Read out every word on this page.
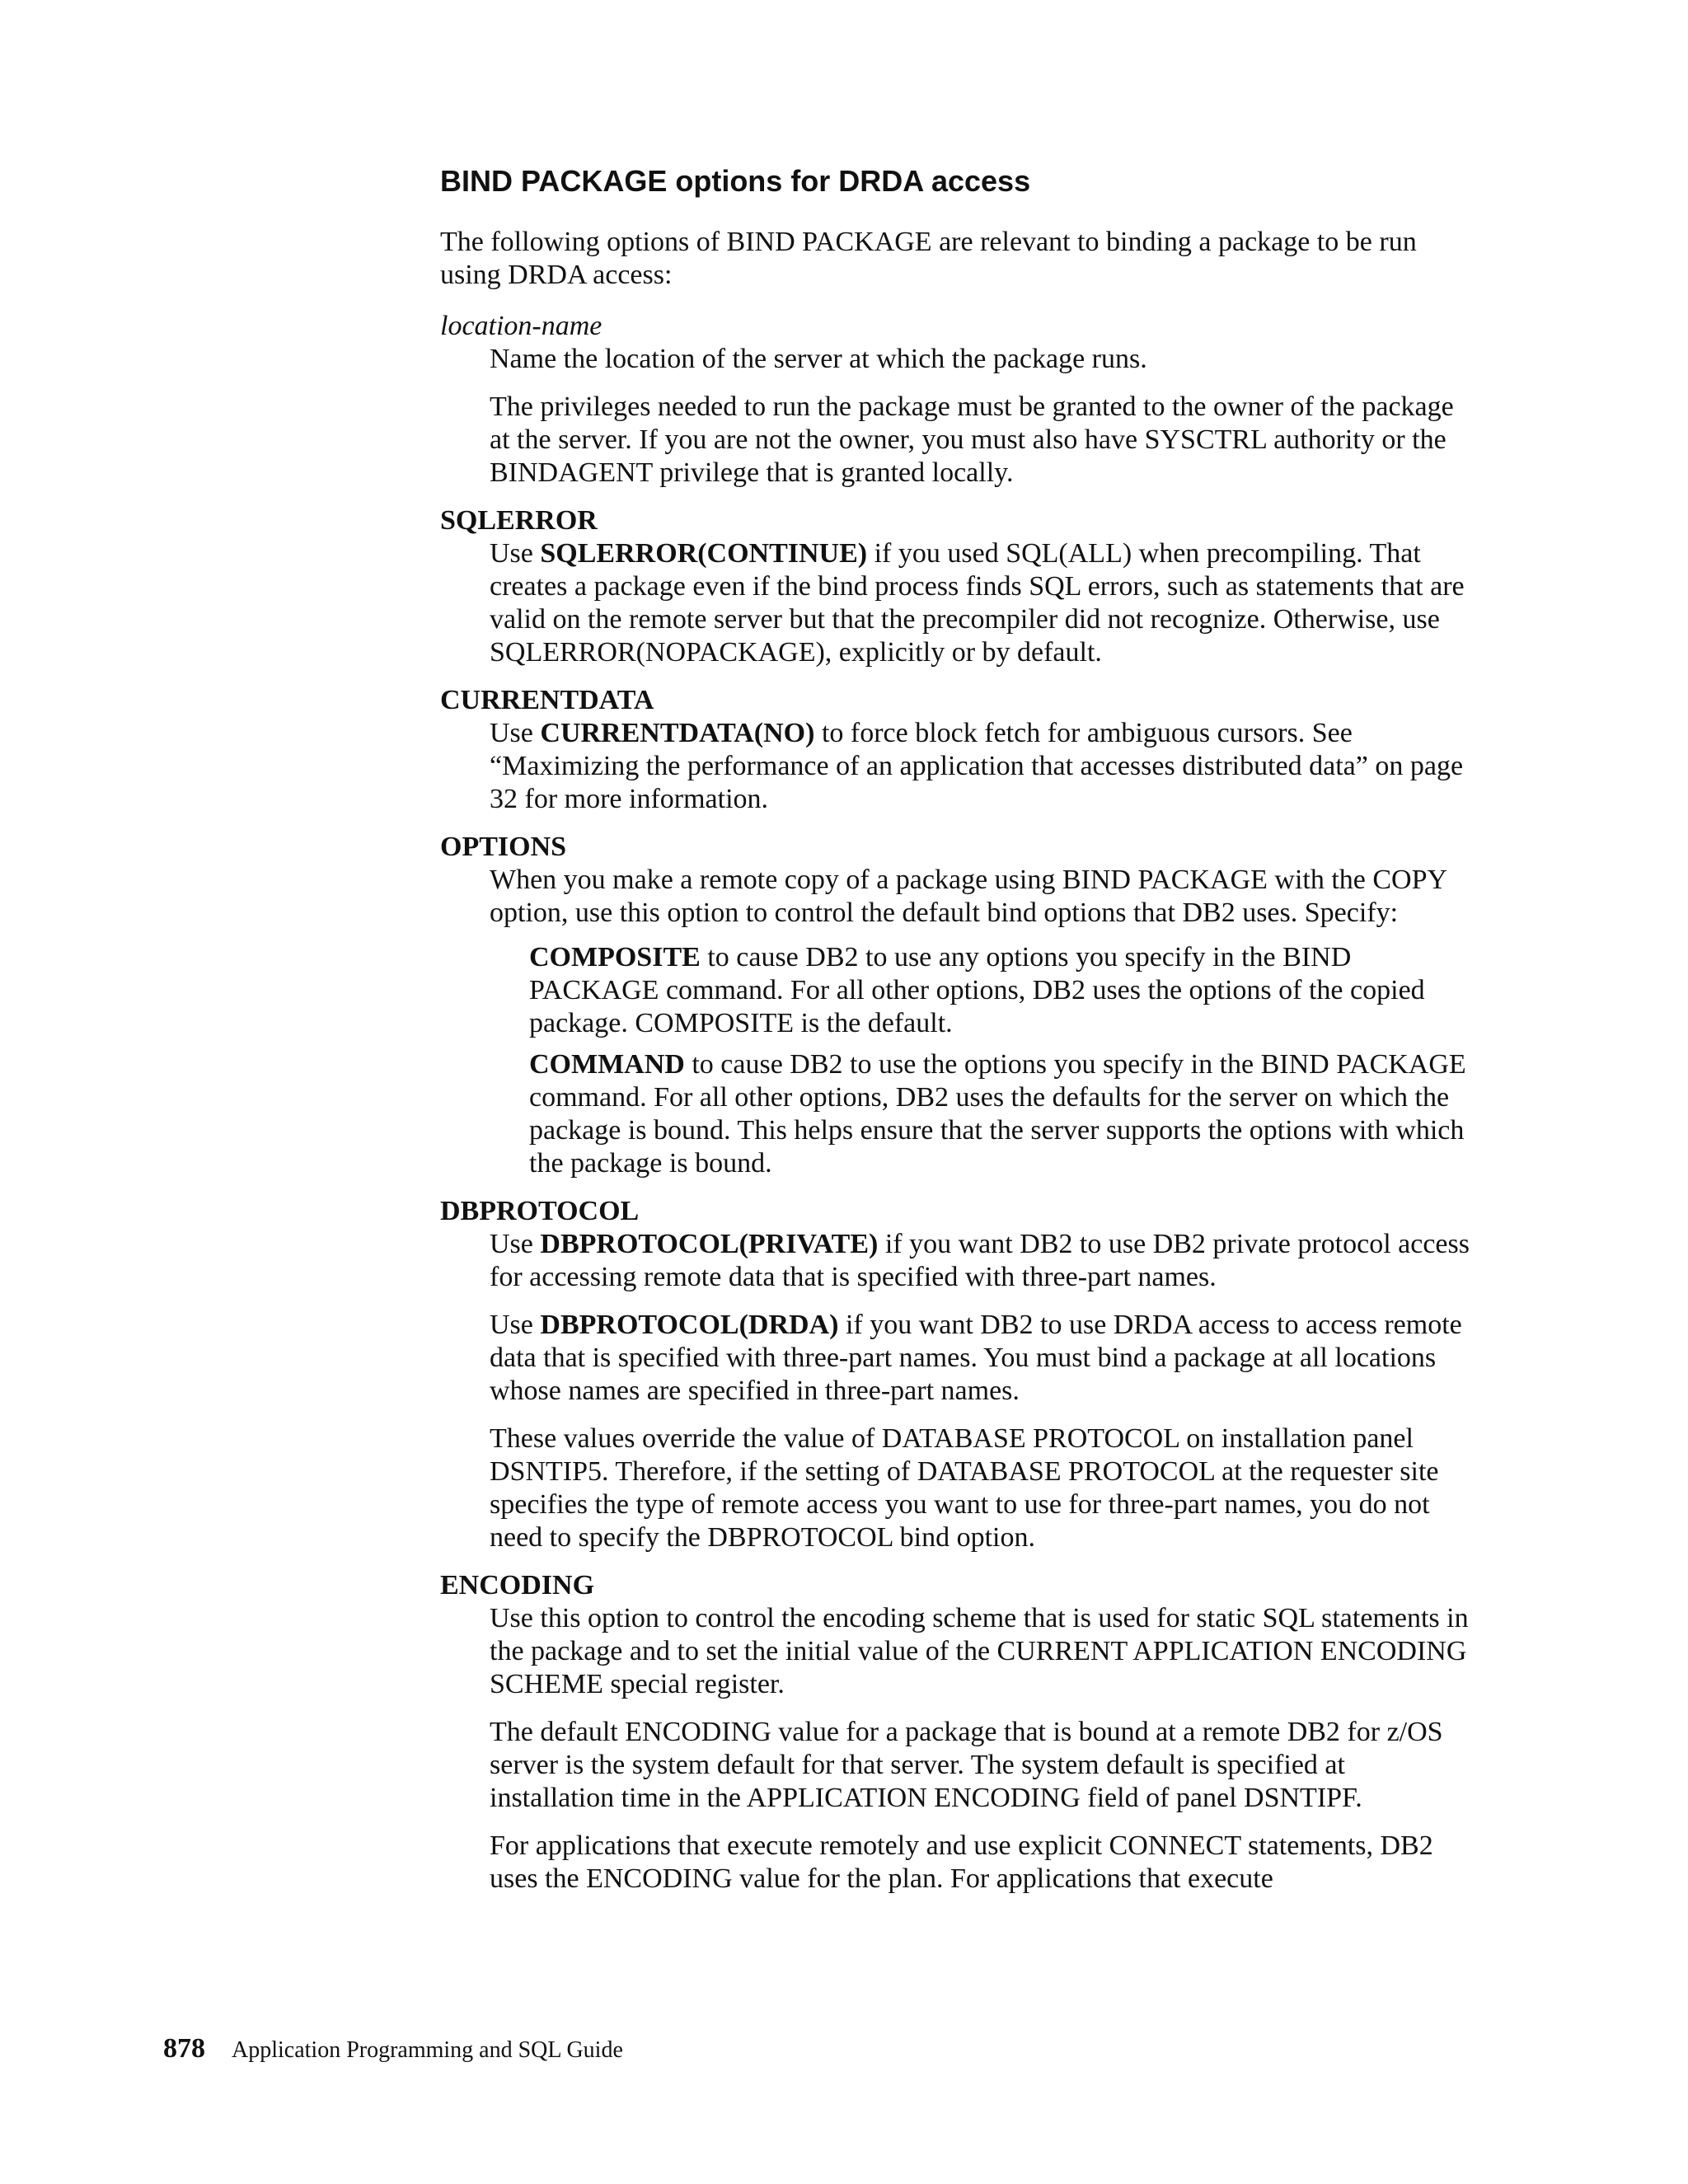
BIND PACKAGE options for DRDA access

The following options of BIND PACKAGE are relevant to binding a package to be run using DRDA access:

location-name

Name the location of the server at which the package runs.

The privileges needed to run the package must be granted to the owner of the package at the server. If you are not the owner, you must also have SYSCTRL authority or the BINDAGENT privilege that is granted locally.

SQLERROR

Use SQLERROR(CONTINUE) if you used SQL(ALL) when precompiling. That creates a package even if the bind process finds SQL errors, such as statements that are valid on the remote server but that the precompiler did not recognize. Otherwise, use SQLERROR(NOPACKAGE), explicitly or by default.

CURRENTDATA

Use CURRENTDATA(NO) to force block fetch for ambiguous cursors. See “Maximizing the performance of an application that accesses distributed data” on page 32 for more information.

OPTIONS

When you make a remote copy of a package using BIND PACKAGE with the COPY option, use this option to control the default bind options that DB2 uses. Specify:

COMPOSITE to cause DB2 to use any options you specify in the BIND PACKAGE command. For all other options, DB2 uses the options of the copied package. COMPOSITE is the default.

COMMAND to cause DB2 to use the options you specify in the BIND PACKAGE command. For all other options, DB2 uses the defaults for the server on which the package is bound. This helps ensure that the server supports the options with which the package is bound.

DBPROTOCOL

Use DBPROTOCOL(PRIVATE) if you want DB2 to use DB2 private protocol access for accessing remote data that is specified with three-part names.

Use DBPROTOCOL(DRDA) if you want DB2 to use DRDA access to access remote data that is specified with three-part names. You must bind a package at all locations whose names are specified in three-part names.

These values override the value of DATABASE PROTOCOL on installation panel DSNTIP5. Therefore, if the setting of DATABASE PROTOCOL at the requester site specifies the type of remote access you want to use for three-part names, you do not need to specify the DBPROTOCOL bind option.

ENCODING

Use this option to control the encoding scheme that is used for static SQL statements in the package and to set the initial value of the CURRENT APPLICATION ENCODING SCHEME special register.

The default ENCODING value for a package that is bound at a remote DB2 for z/OS server is the system default for that server. The system default is specified at installation time in the APPLICATION ENCODING field of panel DSNTIPF.

For applications that execute remotely and use explicit CONNECT statements, DB2 uses the ENCODING value for the plan. For applications that execute

878 Application Programming and SQL Guide
